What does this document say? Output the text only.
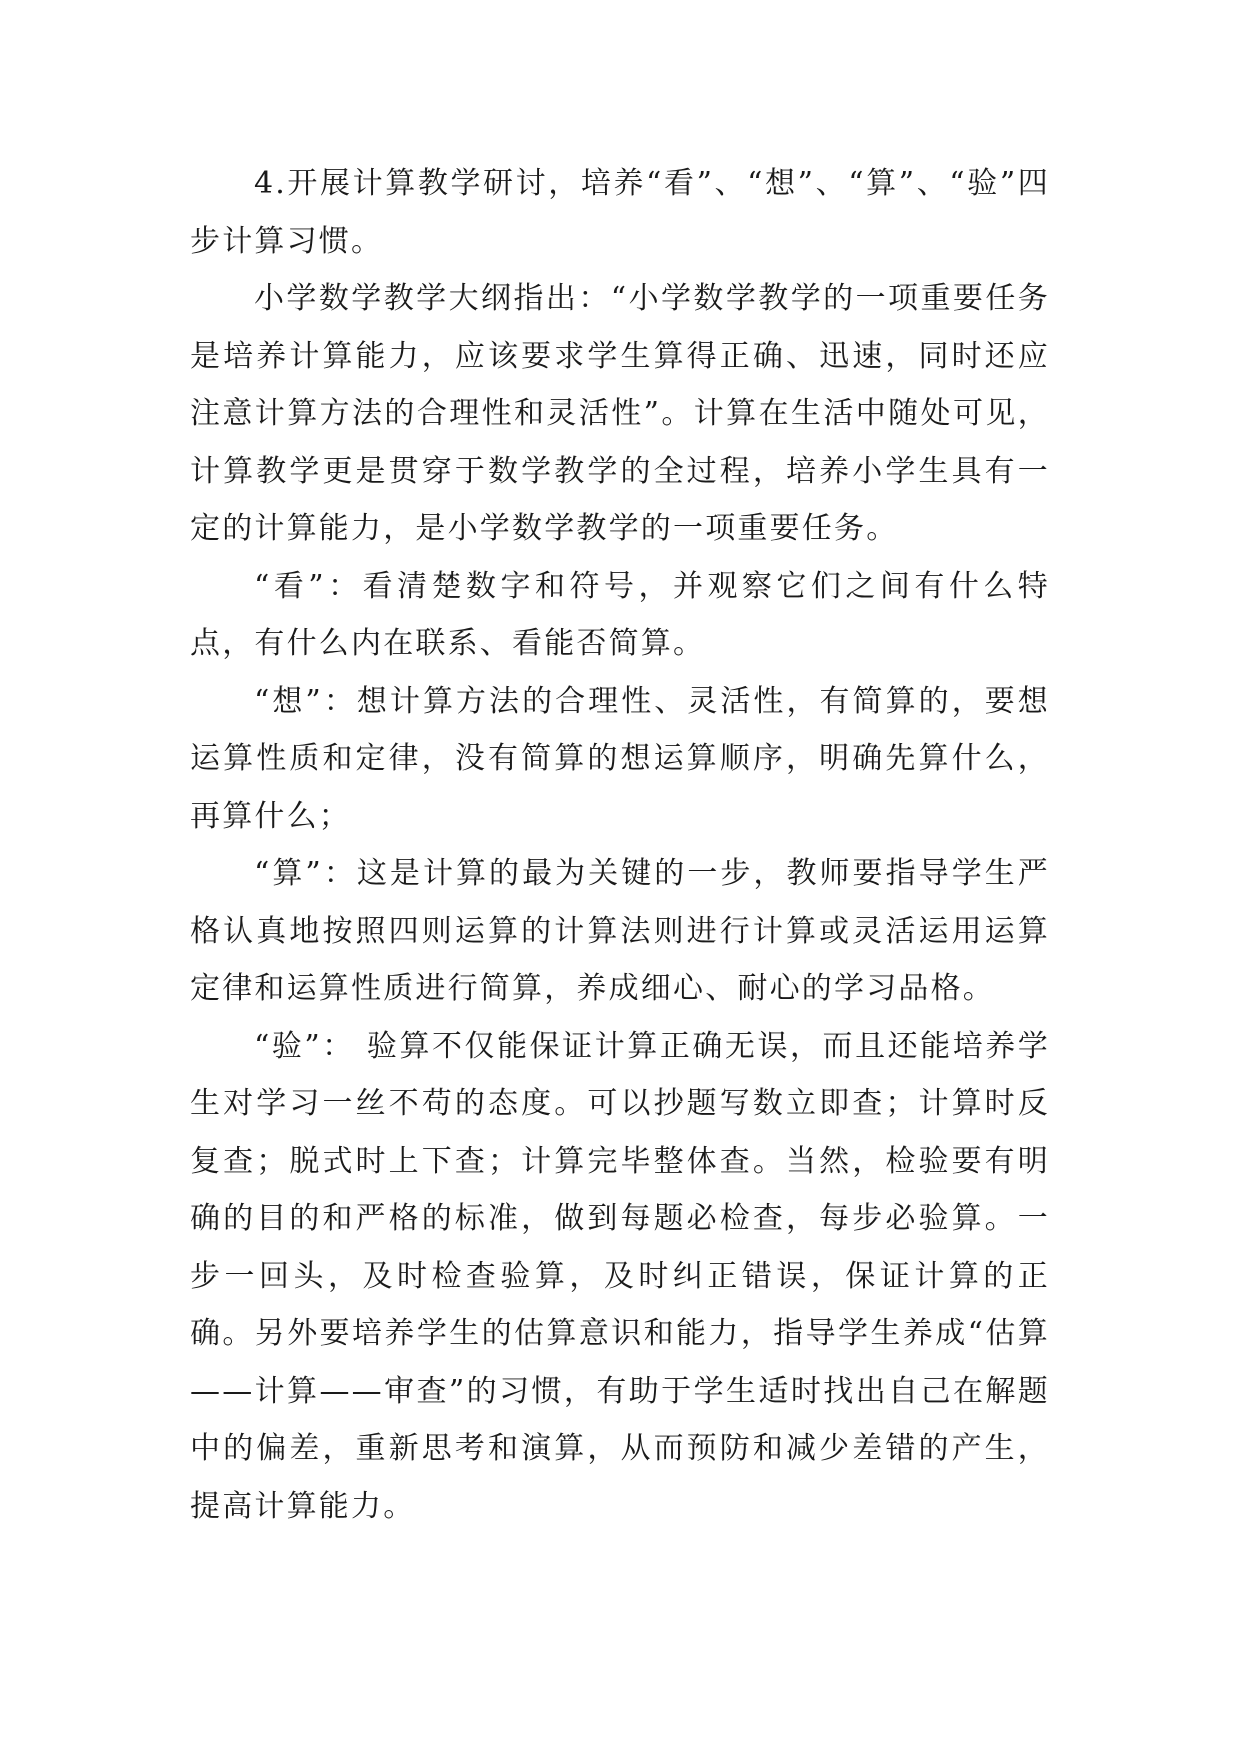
4.开展计算教学研讨，培养“看”、“想”、“算”、“验”四步计算习惯。

小学数学教学大纲指出：“小学数学教学的一项重要任务是培养计算能力，应该要求学生算得正确、迅速，同时还应注意计算方法的合理性和灵活性”。计算在生活中随处可见，计算教学更是贯穿于数学教学的全过程，培养小学生具有一定的计算能力，是小学数学教学的一项重要任务。

“看”：看清楚数字和符号，并观察它们之间有什么特点，有什么内在联系、看能否简算。

“想”：想计算方法的合理性、灵活性，有简算的，要想运算性质和定律，没有简算的想运算顺序，明确先算什么，再算什么；

“算”：这是计算的最为关键的一步，教师要指导学生严格认真地按照四则运算的计算法则进行计算或灵活运用运算定律和运算性质进行简算，养成细心、耐心的学习品格。

“验”： 验算不仅能保证计算正确无误，而且还能培养学生对学习一丝不苟的态度。可以抄题写数立即查；计算时反复查；脱式时上下查；计算完毕整体查。当然，检验要有明确的目的和严格的标准，做到每题必检查，每步必验算。一步一回头，及时检查验算，及时纠正错误，保证计算的正确。另外要培养学生的估算意识和能力，指导学生养成“估算——计算——审查”的习惯，有助于学生适时找出自己在解题中的偏差，重新思考和演算，从而预防和减少差错的产生，提高计算能力。
